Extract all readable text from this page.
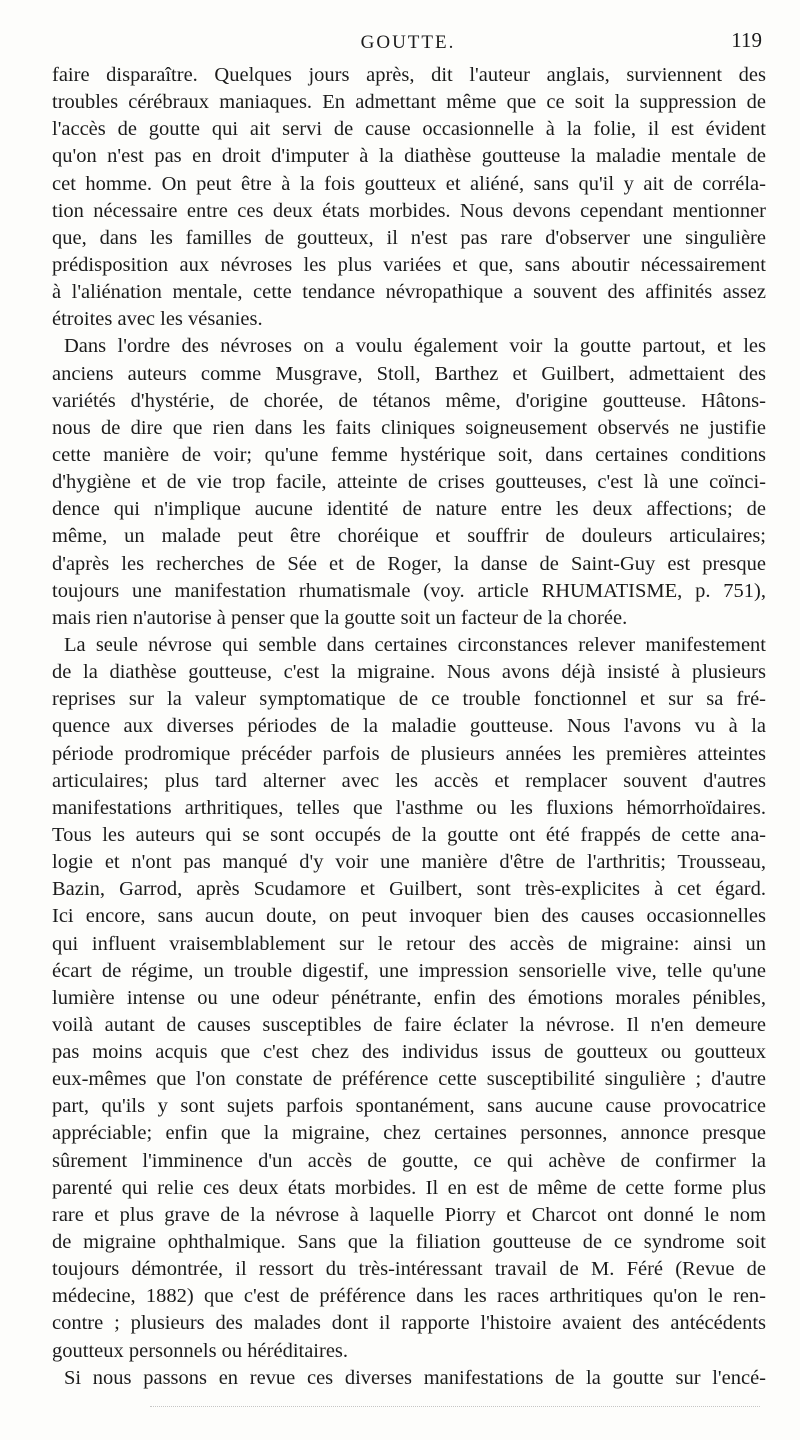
GOUTTE.	119
faire disparaître. Quelques jours après, dit l'auteur anglais, surviennent des
troubles cérébraux maniaques. En admettant même que ce soit la suppression de
l'accès de goutte qui ait servi de cause occasionnelle à la folie, il est évident
qu'on n'est pas en droit d'imputer à la diathèse goutteuse la maladie mentale de
cet homme. On peut être à la fois goutteux et aliéné, sans qu'il y ait de corréla-
tion nécessaire entre ces deux états morbides. Nous devons cependant mentionner
que, dans les familles de goutteux, il n'est pas rare d'observer une singulière
prédisposition aux névroses les plus variées et que, sans aboutir nécessairement
à l'aliénation mentale, cette tendance névropathique a souvent des affinités assez
étroites avec les vésanies.
Dans l'ordre des névroses on a voulu également voir la goutte partout, et les
anciens auteurs comme Musgrave, Stoll, Barthez et Guilbert, admettaient des
variétés d'hystérie, de chorée, de tétanos même, d'origine goutteuse. Hâtons-
nous de dire que rien dans les faits cliniques soigneusement observés ne justifie
cette manière de voir; qu'une femme hystérique soit, dans certaines conditions
d'hygiène et de vie trop facile, atteinte de crises goutteuses, c'est là une coïnci-
dence qui n'implique aucune identité de nature entre les deux affections; de
même, un malade peut être choréique et souffrir de douleurs articulaires;
d'après les recherches de Sée et de Roger, la danse de Saint-Guy est presque
toujours une manifestation rhumatismale (voy. article RHUMATISME, p. 751),
mais rien n'autorise à penser que la goutte soit un facteur de la chorée.
La seule névrose qui semble dans certaines circonstances relever manifestement
de la diathèse goutteuse, c'est la migraine. Nous avons déjà insisté à plusieurs
reprises sur la valeur symptomatique de ce trouble fonctionnel et sur sa fré-
quence aux diverses périodes de la maladie goutteuse. Nous l'avons vu à la
période prodromique précéder parfois de plusieurs années les premières atteintes
articulaires; plus tard alterner avec les accès et remplacer souvent d'autres
manifestations arthritiques, telles que l'asthme ou les fluxions hémorrhoïdaires.
Tous les auteurs qui se sont occupés de la goutte ont été frappés de cette ana-
logie et n'ont pas manqué d'y voir une manière d'être de l'arthritis; Trousseau,
Bazin, Garrod, après Scudamore et Guilbert, sont très-explicites à cet égard.
Ici encore, sans aucun doute, on peut invoquer bien des causes occasionnelles
qui influent vraisemblablement sur le retour des accès de migraine: ainsi un
écart de régime, un trouble digestif, une impression sensorielle vive, telle qu'une
lumière intense ou une odeur pénétrante, enfin des émotions morales pénibles,
voilà autant de causes susceptibles de faire éclater la névrose. Il n'en demeure
pas moins acquis que c'est chez des individus issus de goutteux ou goutteux
eux-mêmes que l'on constate de préférence cette susceptibilité singulière ; d'autre
part, qu'ils y sont sujets parfois spontanément, sans aucune cause provocatrice
appréciable; enfin que la migraine, chez certaines personnes, annonce presque
sûrement l'imminence d'un accès de goutte, ce qui achève de confirmer la
parenté qui relie ces deux états morbides. Il en est de même de cette forme plus
rare et plus grave de la névrose à laquelle Piorry et Charcot ont donné le nom
de migraine ophthalmique. Sans que la filiation goutteuse de ce syndrome soit
toujours démontrée, il ressort du très-intéressant travail de M. Féré (Revue de
médecine, 1882) que c'est de préférence dans les races arthritiques qu'on le ren-
contre ; plusieurs des malades dont il rapporte l'histoire avaient des antécédents
goutteux personnels ou héréditaires.
Si nous passons en revue ces diverses manifestations de la goutte sur l'encé-
